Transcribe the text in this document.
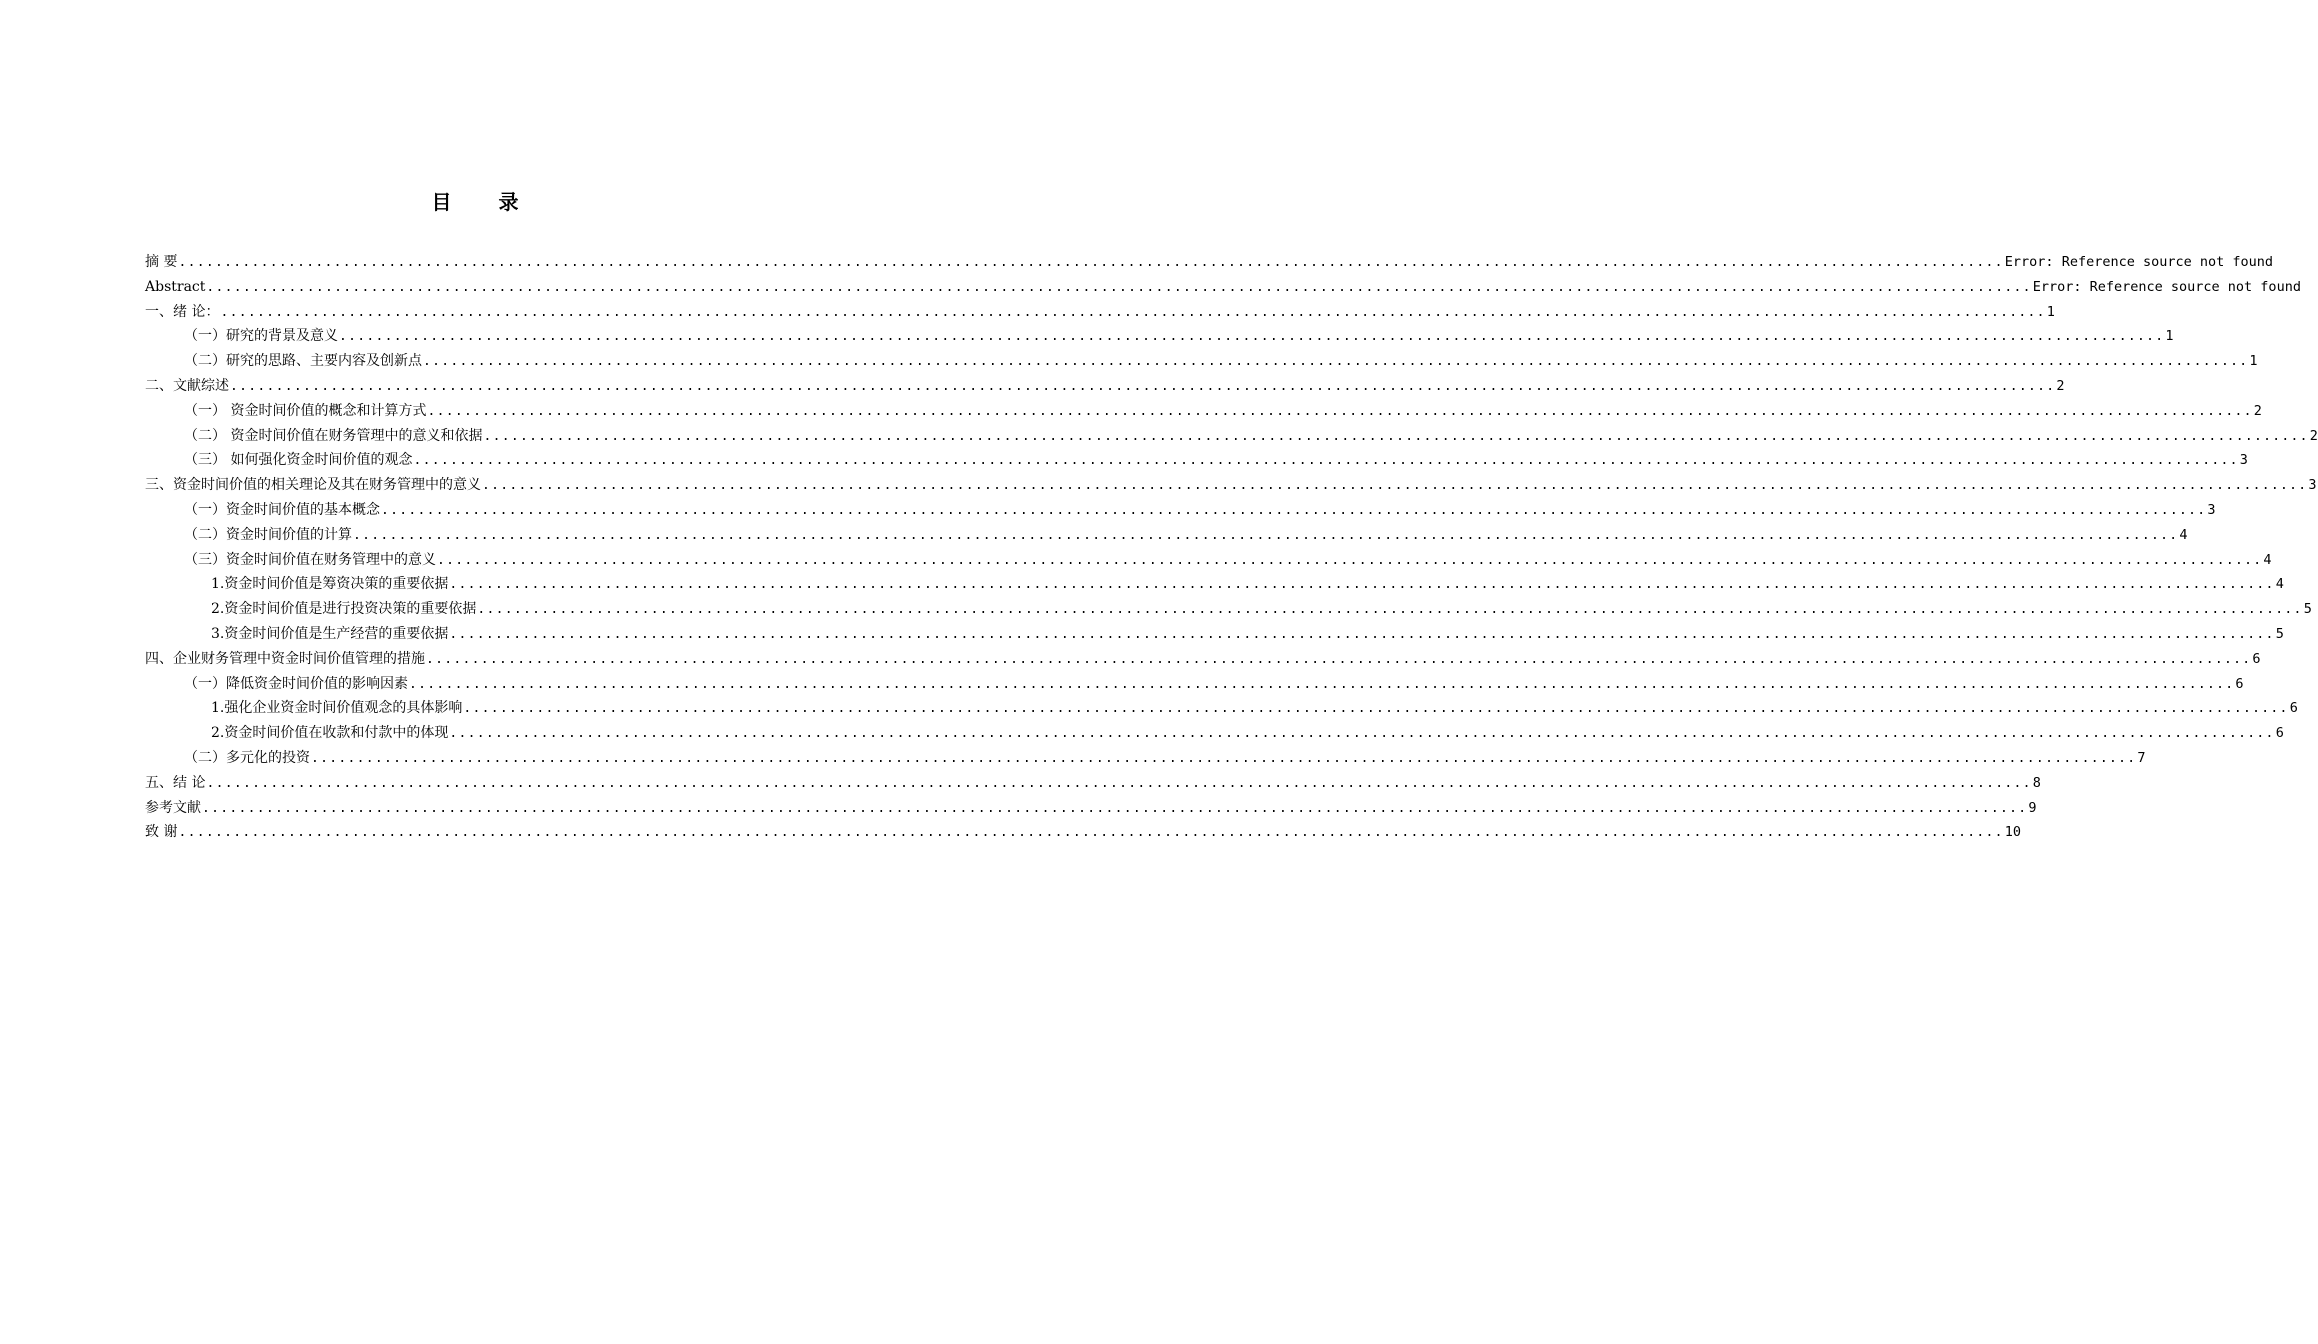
目 录
摘 要 ........................................................................................................................................................................................................ Error: Reference source not found
Abstract ........................................................................................................................................................................................................ Error: Reference source not found
一、绪 论： ........................................................................................................................................................................................................ 1
（一）研究的背景及意义 ........................................................................................................................................................................................................ 1
（二）研究的思路、主要内容及创新点 ........................................................................................................................................................................................................ 1
二、文献综述 ........................................................................................................................................................................................................ 2
（一） 资金时间价值的概念和计算方式 ........................................................................................................................................................................................................ 2
（二） 资金时间价值在财务管理中的意义和依据 ........................................................................................................................................................................................................ 2
（三） 如何强化资金时间价值的观念 ........................................................................................................................................................................................................ 3
三、资金时间价值的相关理论及其在财务管理中的意义 ........................................................................................................................................................................................................ 3
（一）资金时间价值的基本概念 ........................................................................................................................................................................................................ 3
（二）资金时间价值的计算 ........................................................................................................................................................................................................ 4
（三）资金时间价值在财务管理中的意义 ........................................................................................................................................................................................................ 4
1.资金时间价值是筹资决策的重要依据 ........................................................................................................................................................................................................ 4
2.资金时间价值是进行投资决策的重要依据 ........................................................................................................................................................................................................ 5
3.资金时间价值是生产经营的重要依据 ........................................................................................................................................................................................................ 5
四、企业财务管理中资金时间价值管理的措施 ........................................................................................................................................................................................................ 6
（一）降低资金时间价值的影响因素 ........................................................................................................................................................................................................ 6
1.强化企业资金时间价值观念的具体影响 ........................................................................................................................................................................................................ 6
2.资金时间价值在收款和付款中的体现 ........................................................................................................................................................................................................ 6
（二）多元化的投资 ........................................................................................................................................................................................................ 7
五、结 论 ........................................................................................................................................................................................................ 8
参考文献 ........................................................................................................................................................................................................ 9
致 谢 ........................................................................................................................................................................................................ 10
